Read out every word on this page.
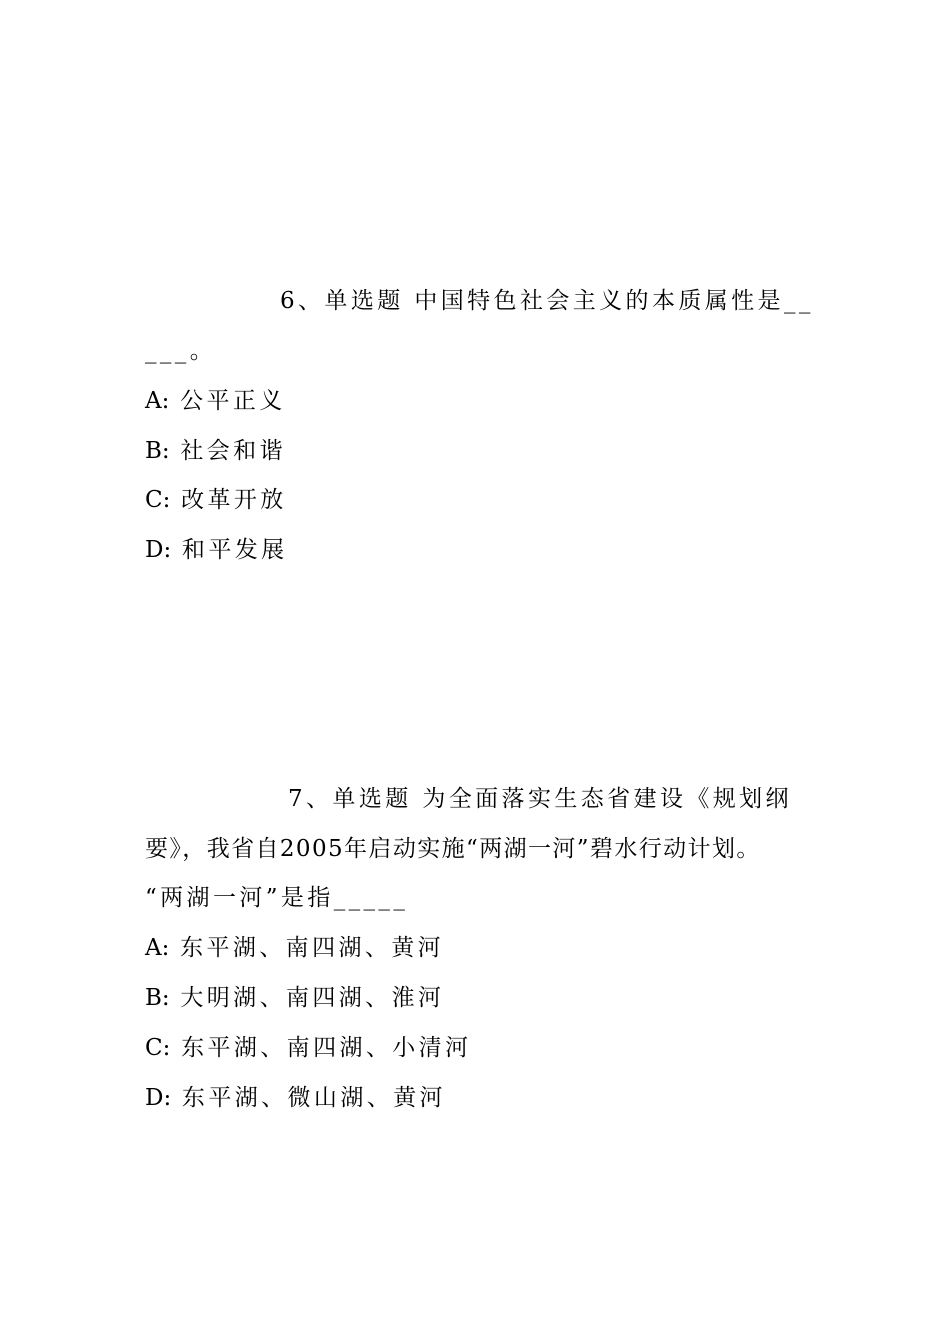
6、单选题 中国特色社会主义的本质属性是__
___。
A: 公平正义
B: 社会和谐
C: 改革开放
D: 和平发展
7、单选题 为全面落实生态省建设《规划纲
要》，我省自2005年启动实施“两湖一河”碧水行动计划。
“两湖一河”是指_____
A: 东平湖、南四湖、黄河
B: 大明湖、南四湖、淮河
C: 东平湖、南四湖、小清河
D: 东平湖、微山湖、黄河
